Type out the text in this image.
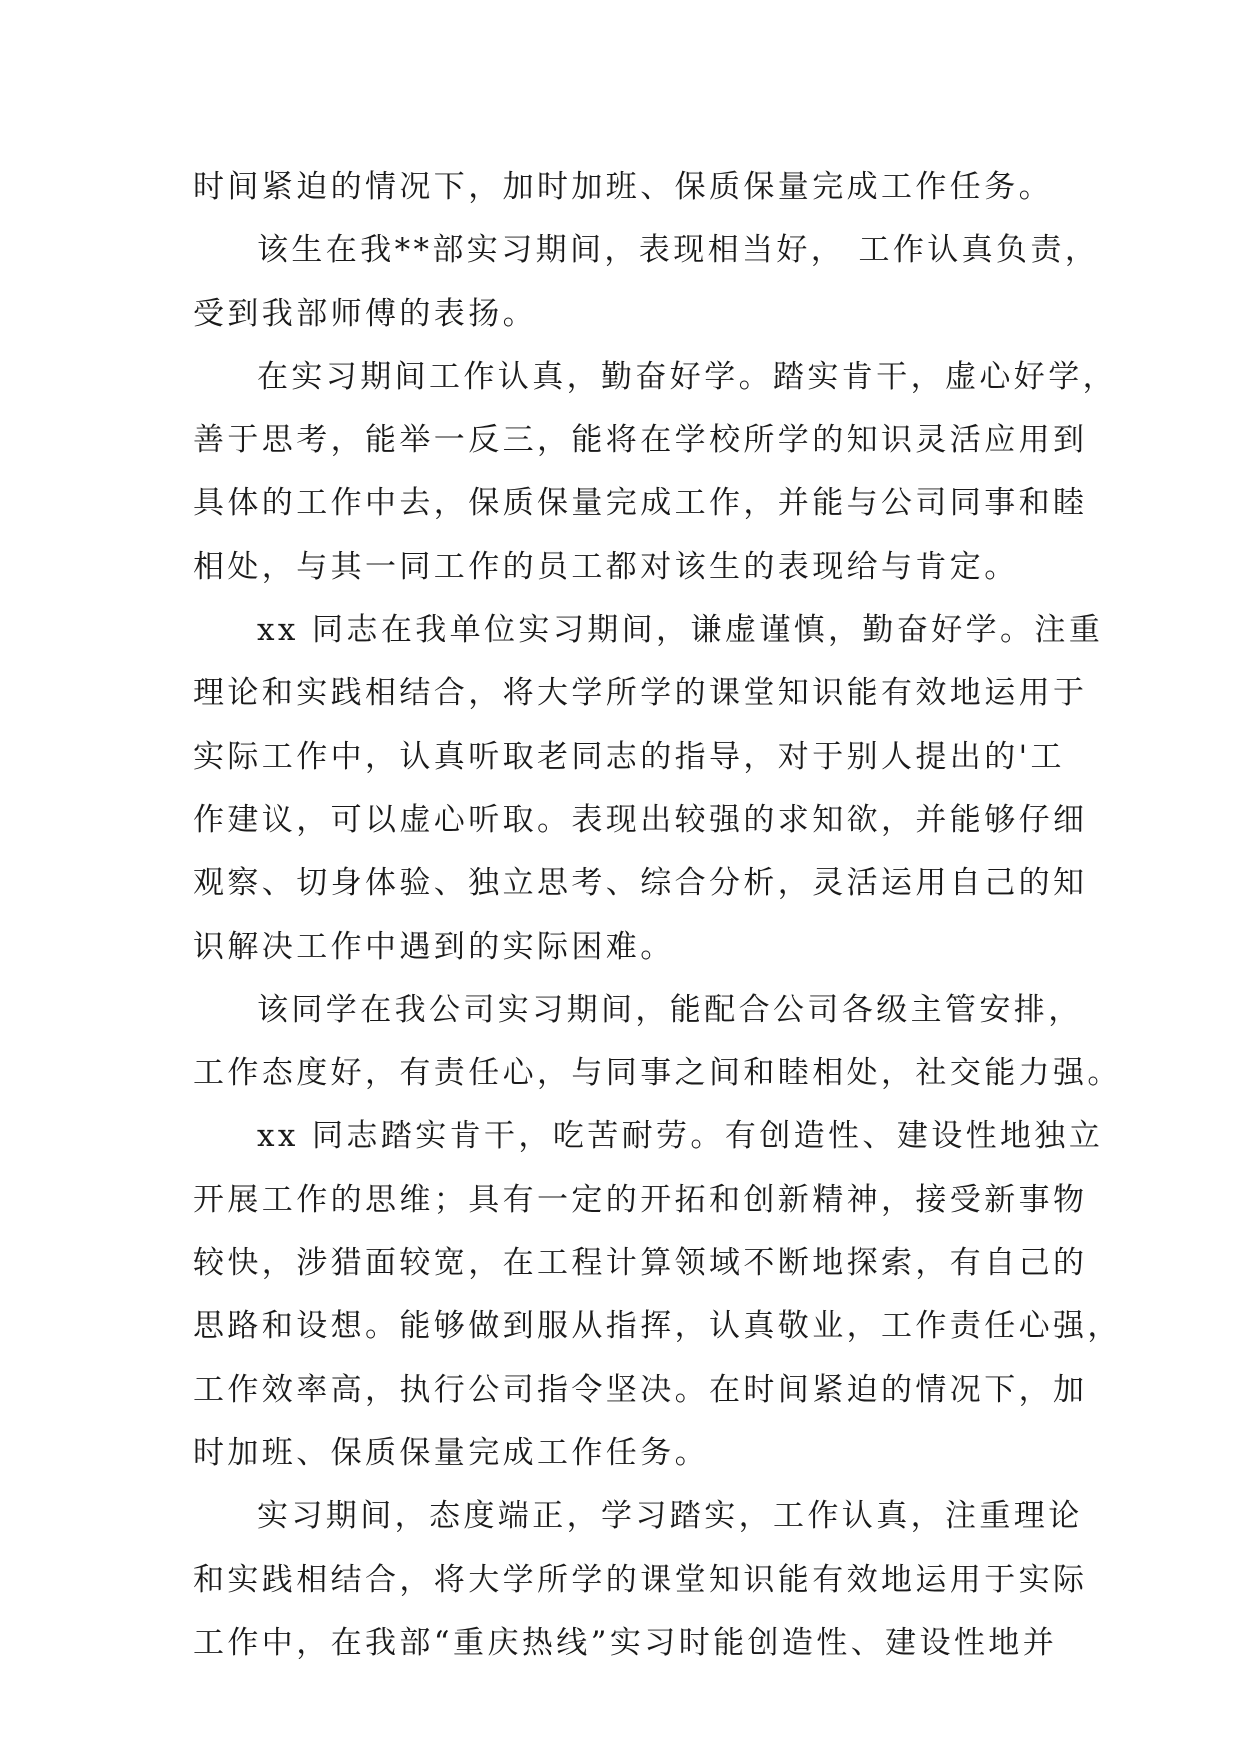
时间紧迫的情况下，加时加班、保质保量完成工作任务。
该生在我**部实习期间，表现相当好， 工作认真负责，
受到我部师傅的表扬。
在实习期间工作认真，勤奋好学。踏实肯干，虚心好学，
善于思考，能举一反三，能将在学校所学的知识灵活应用到
具体的工作中去，保质保量完成工作，并能与公司同事和睦
相处，与其一同工作的员工都对该生的表现给与肯定。
xx 同志在我单位实习期间，谦虚谨慎，勤奋好学。注重
理论和实践相结合，将大学所学的课堂知识能有效地运用于
实际工作中，认真听取老同志的指导，对于别人提出的'工
作建议，可以虚心听取。表现出较强的求知欲，并能够仔细
观察、切身体验、独立思考、综合分析，灵活运用自己的知
识解决工作中遇到的实际困难。
该同学在我公司实习期间，能配合公司各级主管安排，
工作态度好，有责任心，与同事之间和睦相处，社交能力强。
xx 同志踏实肯干，吃苦耐劳。有创造性、建设性地独立
开展工作的思维；具有一定的开拓和创新精神，接受新事物
较快，涉猎面较宽，在工程计算领域不断地探索，有自己的
思路和设想。能够做到服从指挥，认真敬业，工作责任心强，
工作效率高，执行公司指令坚决。在时间紧迫的情况下，加
时加班、保质保量完成工作任务。
实习期间，态度端正，学习踏实，工作认真，注重理论
和实践相结合，将大学所学的课堂知识能有效地运用于实际
工作中，在我部“重庆热线”实习时能创造性、建设性地并
